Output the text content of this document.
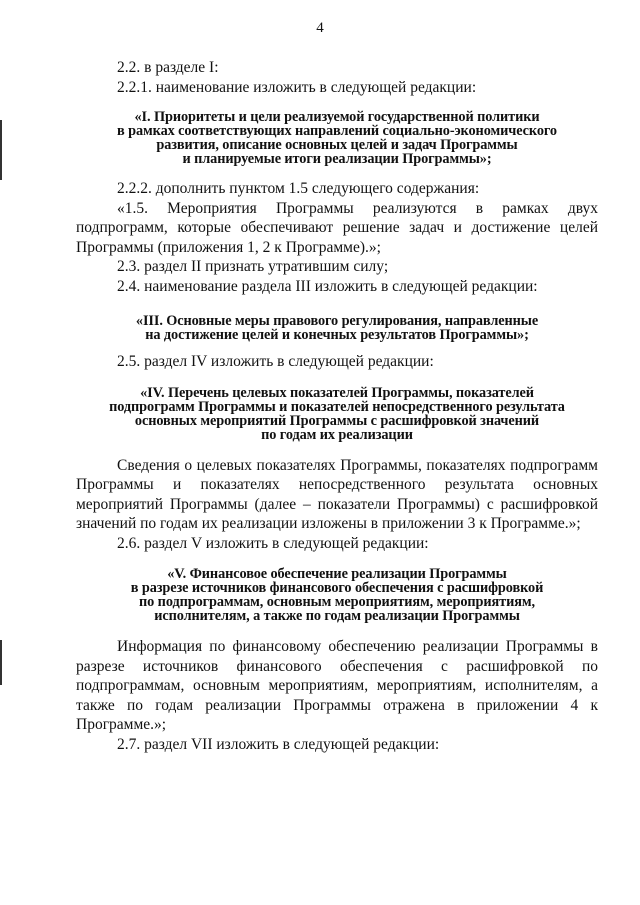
4

2.2. в разделе I:

2.2.1. наименование изложить в следующей редакции:

«I. Приоритеты и цели реализуемой государственной политики
в рамках соответствующих направлений социально-экономического
развития, описание основных целей и задач Программы
и планируемые итоги реализации Программы»;

2.2.2. дополнить пунктом 1.5 следующего содержания:

«1.5. Мероприятия Программы реализуются в рамках двух подпрограмм, которые обеспечивают решение задач и достижение целей Программы (приложения 1, 2 к Программе).»;

2.3. раздел II признать утратившим силу;

2.4. наименование раздела III изложить в следующей редакции:

«III. Основные меры правового регулирования, направленные
на достижение целей и конечных результатов Программы»;

2.5. раздел IV изложить в следующей редакции:

«IV. Перечень целевых показателей Программы, показателей
подпрограмм Программы и показателей непосредственного результата
основных мероприятий Программы с расшифровкой значений
по годам их реализации

Сведения о целевых показателях Программы, показателях подпрограмм Программы и показателях непосредственного результата основных мероприятий Программы (далее – показатели Программы) с расшифровкой значений по годам их реализации изложены в приложении 3 к Программе.»;

2.6. раздел V изложить в следующей редакции:

«V. Финансовое обеспечение реализации Программы
в разрезе источников финансового обеспечения с расшифровкой
по подпрограммам, основным мероприятиям, мероприятиям,
исполнителям, а также по годам реализации Программы

Информация по финансовому обеспечению реализации Программы в разрезе источников финансового обеспечения с расшифровкой по подпрограммам, основным мероприятиям, мероприятиям, исполнителям, а также по годам реализации Программы отражена в приложении 4 к Программе.»;

2.7. раздел VII изложить в следующей редакции:
